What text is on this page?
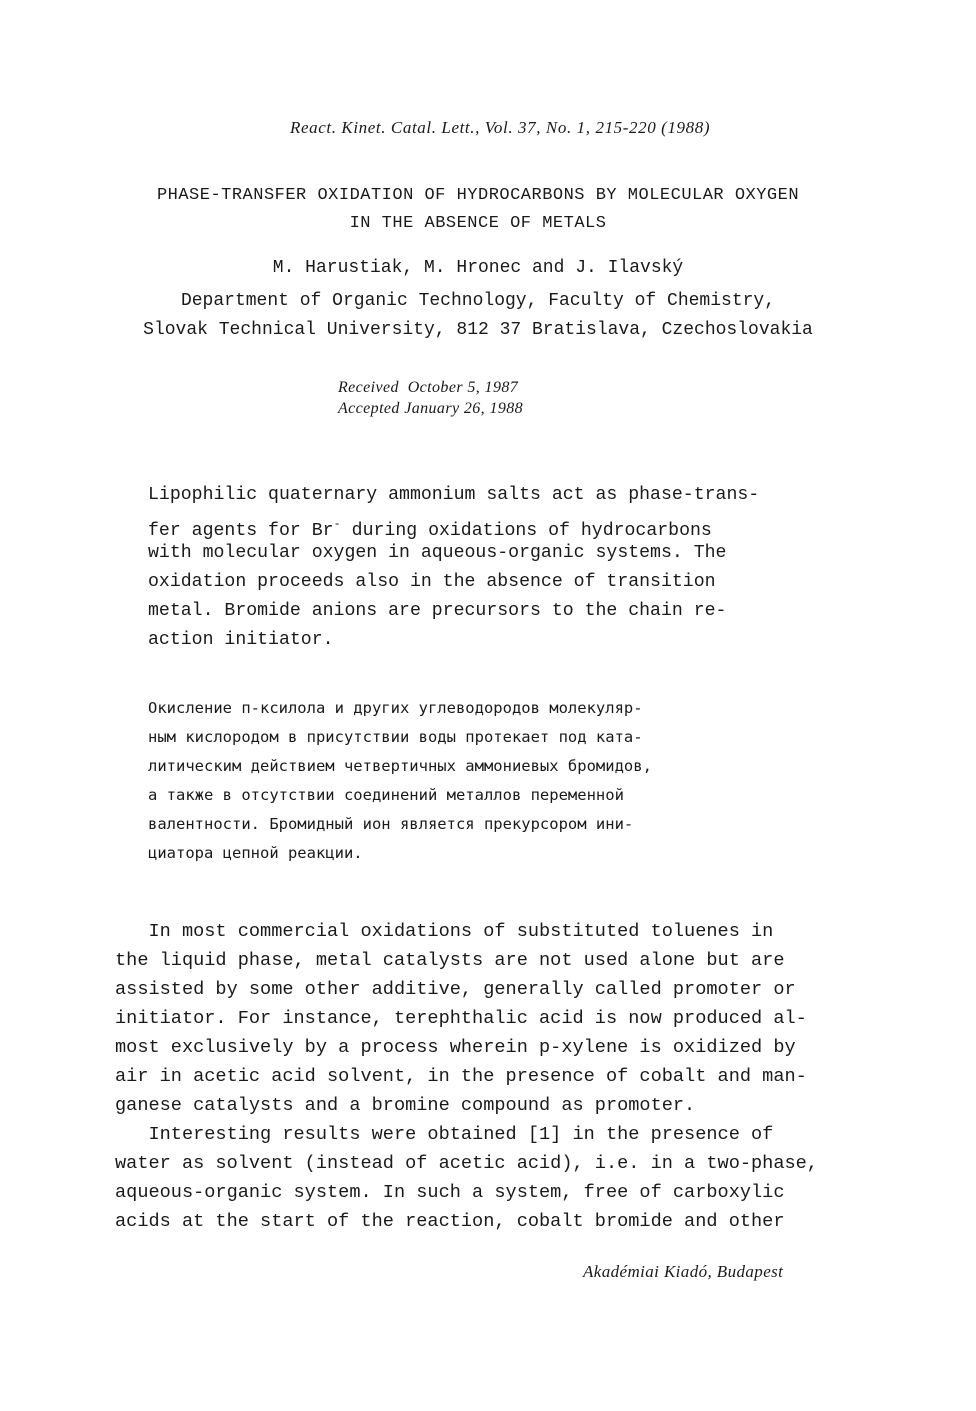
React. Kinet. Catal. Lett., Vol. 37, No. 1, 215-220 (1988)
PHASE-TRANSFER OXIDATION OF HYDROCARBONS BY MOLECULAR OXYGEN
IN THE ABSENCE OF METALS
M. Harustiak, M. Hronec and J. Ilavský
Department of Organic Technology, Faculty of Chemistry,
Slovak Technical University, 812 37 Bratislava, Czechoslovakia
Received  October 5, 1987
Accepted January 26, 1988
Lipophilic quaternary ammonium salts act as phase-trans-
fer agents for Br- during oxidations of hydrocarbons
with molecular oxygen in aqueous-organic systems. The
oxidation proceeds also in the absence of transition
metal. Bromide anions are precursors to the chain re-
action initiator.
Окисление п-ксилола и других углеводородов молекуляр-
ным кислородом в присутствии воды протекает под ката-
литическим действием четвертичных аммониевых бромидов,
а также в отсутствии соединений металлов переменной
валентности. Бромидный ион является прекурсором ини-
циатора цепной реакции.
In most commercial oxidations of substituted toluenes in
the liquid phase, metal catalysts are not used alone but are
assisted by some other additive, generally called promoter or
initiator. For instance, terephthalic acid is now produced al-
most exclusively by a process wherein p-xylene is oxidized by
air in acetic acid solvent, in the presence of cobalt and man-
ganese catalysts and a bromine compound as promoter.
Interesting results were obtained [1] in the presence of
water as solvent (instead of acetic acid), i.e. in a two-phase,
aqueous-organic system. In such a system, free of carboxylic
acids at the start of the reaction, cobalt bromide and other
Akadémiai Kiadó, Budapest
